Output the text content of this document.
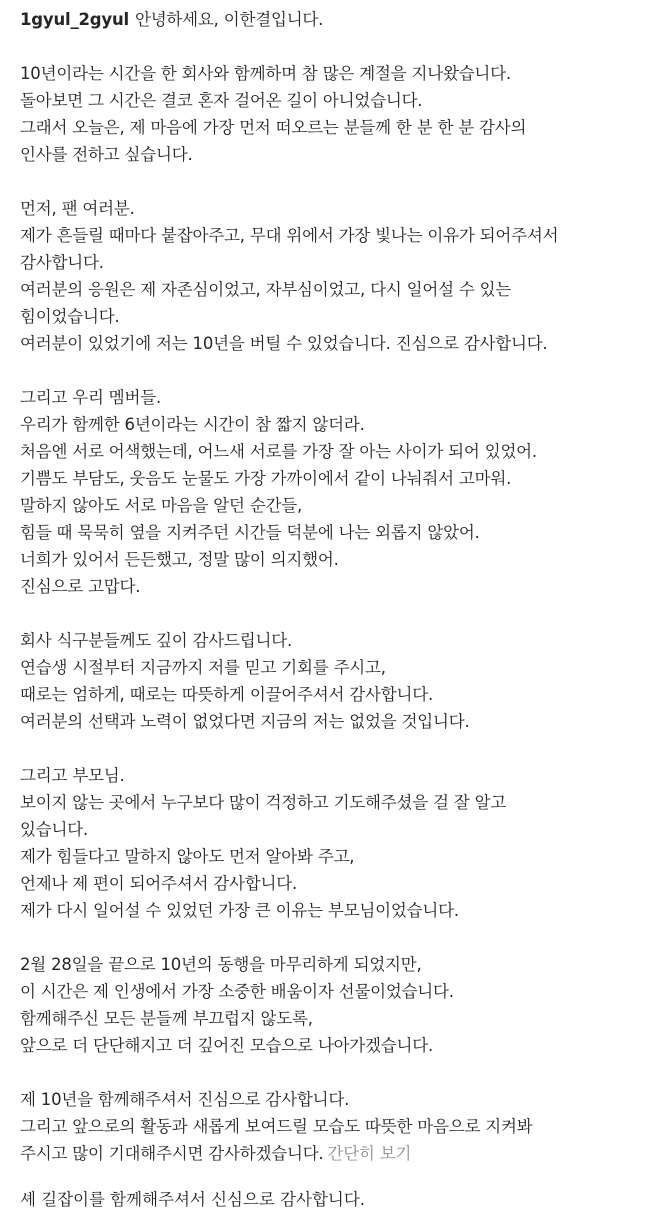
1gyul_2gyul 안녕하세요, 이한결입니다.
10년이라는 시간을 한 회사와 함께하며 참 많은 계절을 지나왔습니다.
돌아보면 그 시간은 결코 혼자 걸어온 길이 아니었습니다.
그래서 오늘은, 제 마음에 가장 먼저 떠오르는 분들께 한 분 한 분 감사의
인사를 전하고 싶습니다.
먼저, 팬 여러분.
제가 흔들릴 때마다 붙잡아주고, 무대 위에서 가장 빛나는 이유가 되어주셔서
감사합니다.
여러분의 응원은 제 자존심이었고, 자부심이었고, 다시 일어설 수 있는
힘이었습니다.
여러분이 있었기에 저는 10년을 버틸 수 있었습니다. 진심으로 감사합니다.
그리고 우리 멤버들.
우리가 함께한 6년이라는 시간이 참 짧지 않더라.
처음엔 서로 어색했는데, 어느새 서로를 가장 잘 아는 사이가 되어 있었어.
기쁨도 부담도, 웃음도 눈물도 가장 가까이에서 같이 나눠줘서 고마워.
말하지 않아도 서로 마음을 알던 순간들,
힘들 때 묵묵히 옆을 지켜주던 시간들 덕분에 나는 외롭지 않았어.
너희가 있어서 든든했고, 정말 많이 의지했어.
진심으로 고맙다.
회사 식구분들께도 깊이 감사드립니다.
연습생 시절부터 지금까지 저를 믿고 기회를 주시고,
때로는 엄하게, 때로는 따뜻하게 이끌어주셔서 감사합니다.
여러분의 선택과 노력이 없었다면 지금의 저는 없었을 것입니다.
그리고 부모님.
보이지 않는 곳에서 누구보다 많이 걱정하고 기도해주셨을 걸 잘 알고
있습니다.
제가 힘들다고 말하지 않아도 먼저 알아봐 주고,
언제나 제 편이 되어주셔서 감사합니다.
제가 다시 일어설 수 있었던 가장 큰 이유는 부모님이었습니다.
2월 28일을 끝으로 10년의 동행을 마무리하게 되었지만,
이 시간은 제 인생에서 가장 소중한 배움이자 선물이었습니다.
함께해주신 모든 분들께 부끄럽지 않도록,
앞으로 더 단단해지고 더 깊어진 모습으로 나아가겠습니다.
제 10년을 함께해주셔서 진심으로 감사합니다.
그리고 앞으로의 활동과 새롭게 보여드릴 모습도 따뜻한 마음으로 지켜봐
주시고 많이 기대해주시면 감사하겠습니다. 간단히 보기
셰 길잡이를 함께해주셔서 신심으로 감사합니다.
